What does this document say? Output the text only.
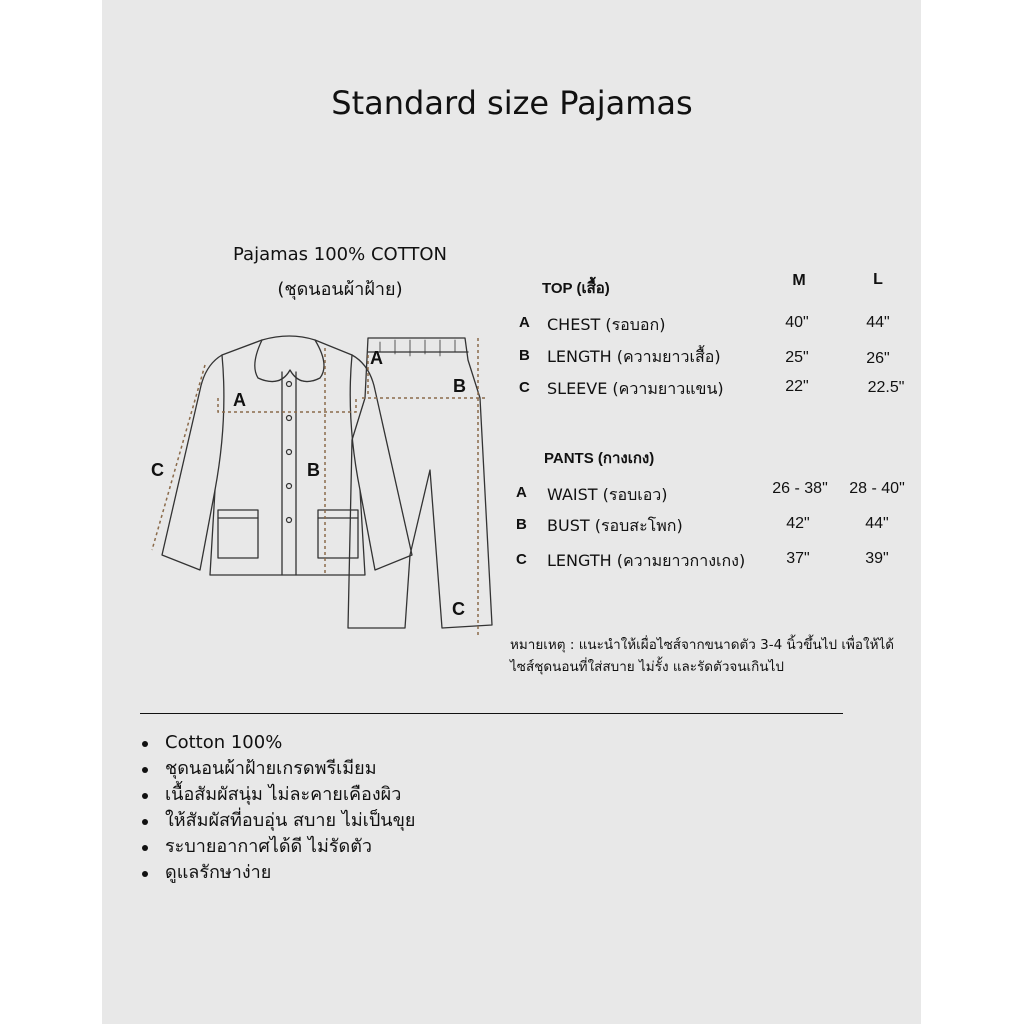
Standard size Pajamas
Pajamas 100% COTTON
(ชุดนอนผ้าฝ้าย)
A
B
C
A
B
C
TOP (เสื้อ)	M	L
A CHEST (รอบอก)	40"	44"
B LENGTH (ความยาวเสื้อ)	25"	26"
C SLEEVE (ความยาวแขน)	22"	22.5"
PANTS (กางเกง)
A WAIST (รอบเอว)	26 - 38"	28 - 40"
B BUST (รอบสะโพก)	42"	44"
C LENGTH (ความยาวกางเกง)	37"	39"
หมายเหตุ : แนะนำให้เผื่อไซส์จากขนาดตัว 3-4 นิ้วขึ้นไป เพื่อให้ได้ไซส์ชุดนอนที่ใส่สบาย ไม่รั้ง และรัดตัวจนเกินไป
Cotton 100%
ชุดนอนผ้าฝ้ายเกรดพรีเมียม
เนื้อสัมผัสนุ่ม ไม่ละคายเคืองผิว
ให้สัมผัสที่อบอุ่น สบาย ไม่เป็นขุย
ระบายอากาศได้ดี ไม่รัดตัว
ดูแลรักษาง่าย
